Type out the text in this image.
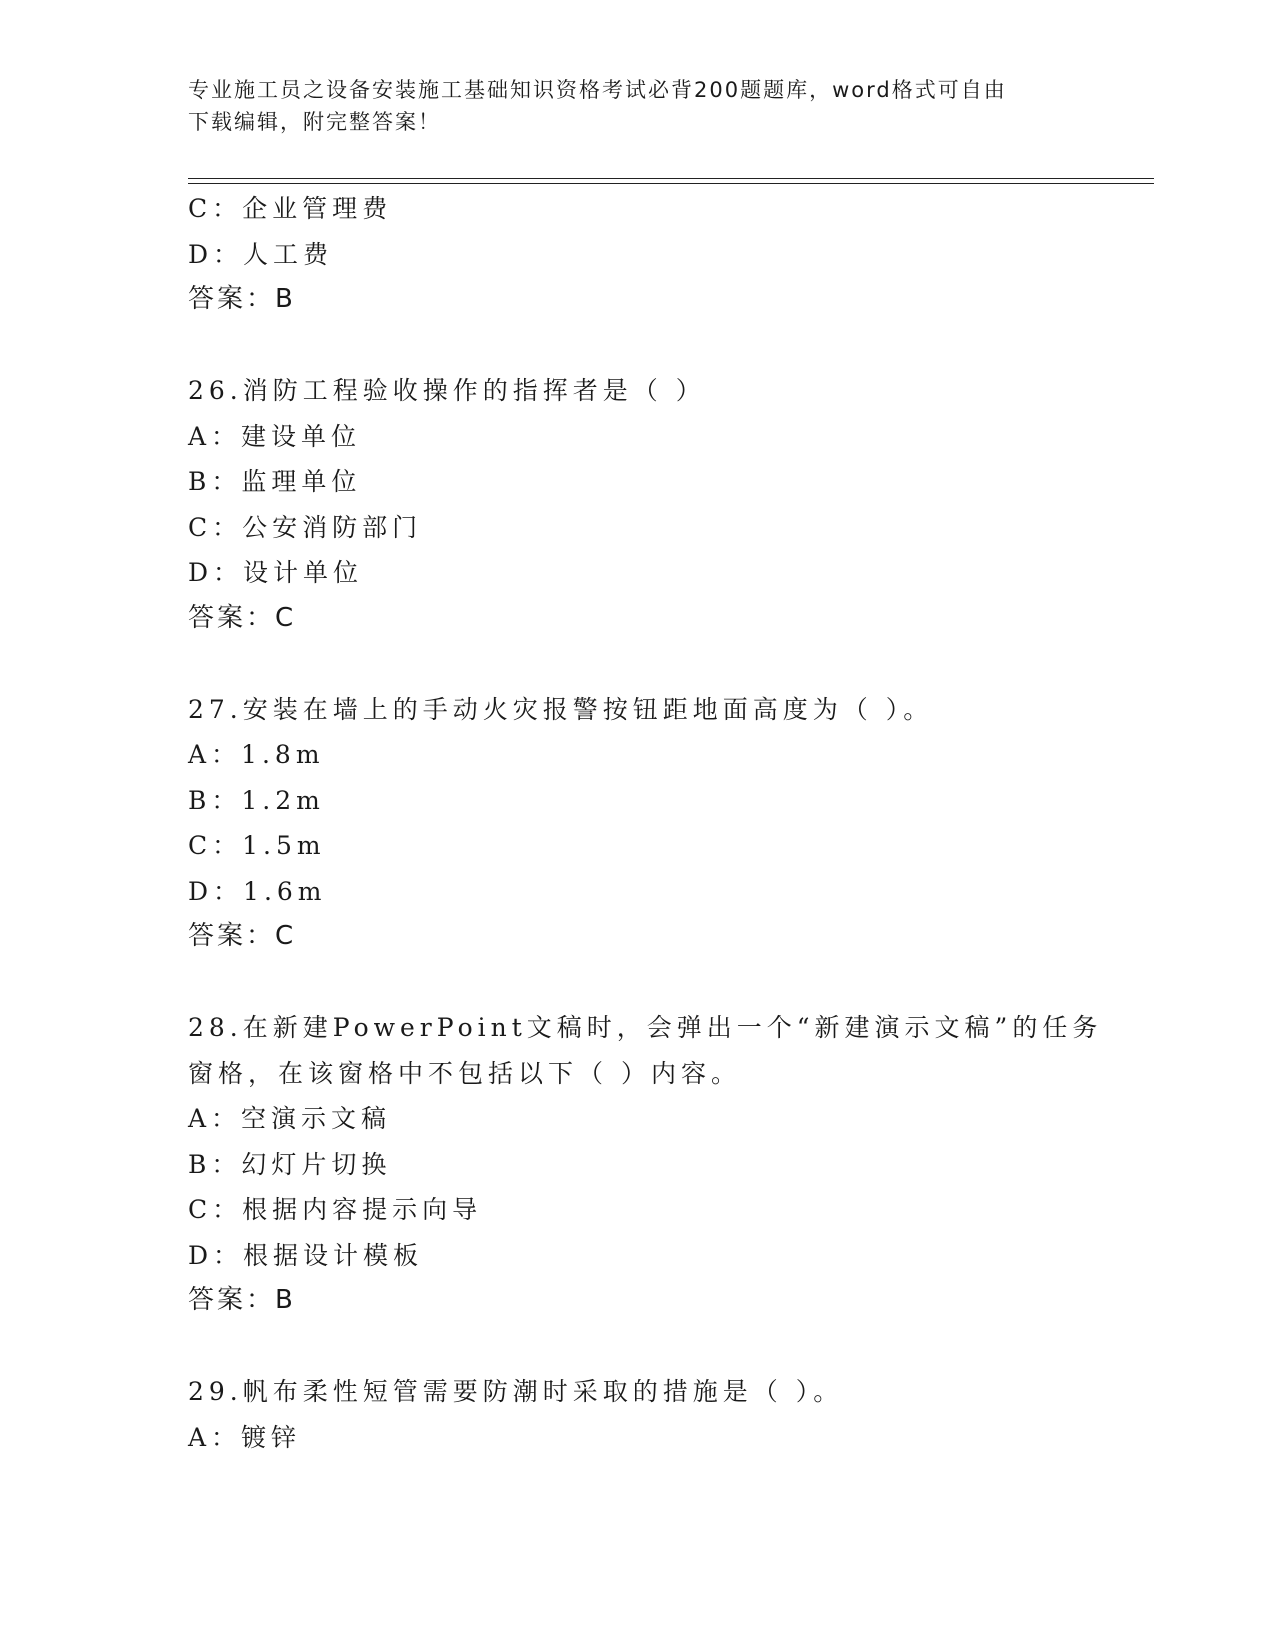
专业施工员之设备安装施工基础知识资格考试必背200题题库，word格式可自由
下载编辑，附完整答案！
C：企业管理费
D：人工费
答案：B
26.消防工程验收操作的指挥者是（ ）
A：建设单位
B：监理单位
C：公安消防部门
D：设计单位
答案：C
27.安装在墙上的手动火灾报警按钮距地面高度为（ ）。
A：1.8m
B：1.2m
C：1.5m
D：1.6m
答案：C
28.在新建PowerPoint文稿时，会弹出一个“新建演示文稿”的任务
窗格，在该窗格中不包括以下（ ）内容。
A：空演示文稿
B：幻灯片切换
C：根据内容提示向导
D：根据设计模板
答案：B
29.帆布柔性短管需要防潮时采取的措施是（ ）。
A：镀锌
